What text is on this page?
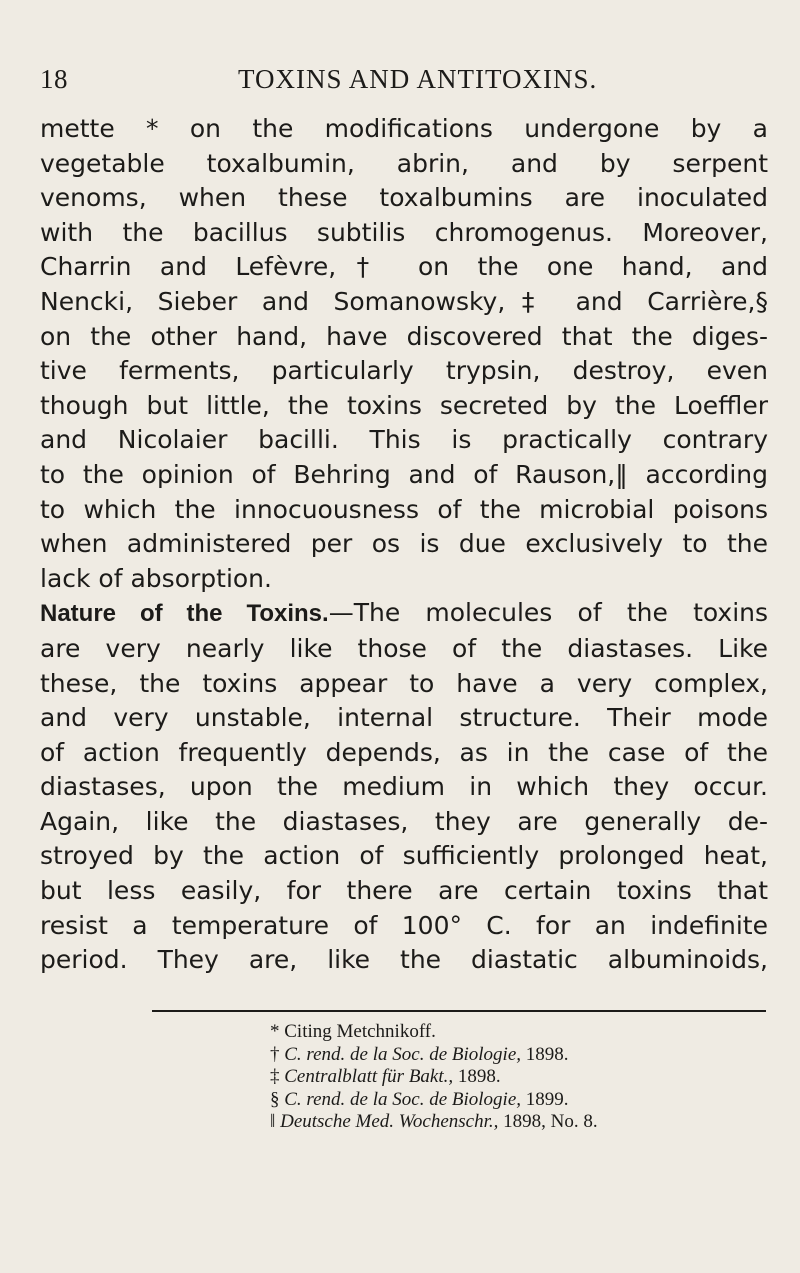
18	TOXINS AND ANTITOXINS.
mette * on the modifications undergone by a
vegetable toxalbumin, abrin, and by serpent
venoms, when these toxalbumins are inoculated
with the bacillus subtilis chromogenus. Moreover,
Charrin and Lefèvre,† on the one hand, and
Nencki, Sieber and Somanowsky,‡ and Carrière,§
on the other hand, have discovered that the diges-
tive ferments, particularly trypsin, destroy, even
though but little, the toxins secreted by the Loeffler
and Nicolaier bacilli. This is practically contrary
to the opinion of Behring and of Rauson,‖ according
to which the innocuousness of the microbial poisons
when administered per os is due exclusively to the
lack of absorption.
Nature of the Toxins.—The molecules of the toxins
are very nearly like those of the diastases. Like
these, the toxins appear to have a very complex,
and very unstable, internal structure. Their mode
of action frequently depends, as in the case of the
diastases, upon the medium in which they occur.
Again, like the diastases, they are generally de-
stroyed by the action of sufficiently prolonged heat,
but less easily, for there are certain toxins that
resist a temperature of 100° C. for an indefinite
period. They are, like the diastatic albuminoids,
* Citing Metchnikoff.
† C. rend. de la Soc. de Biologie, 1898.
‡ Centralblatt für Bakt., 1898.
§ C. rend. de la Soc. de Biologie, 1899.
‖ Deutsche Med. Wochenschr., 1898, No. 8.
